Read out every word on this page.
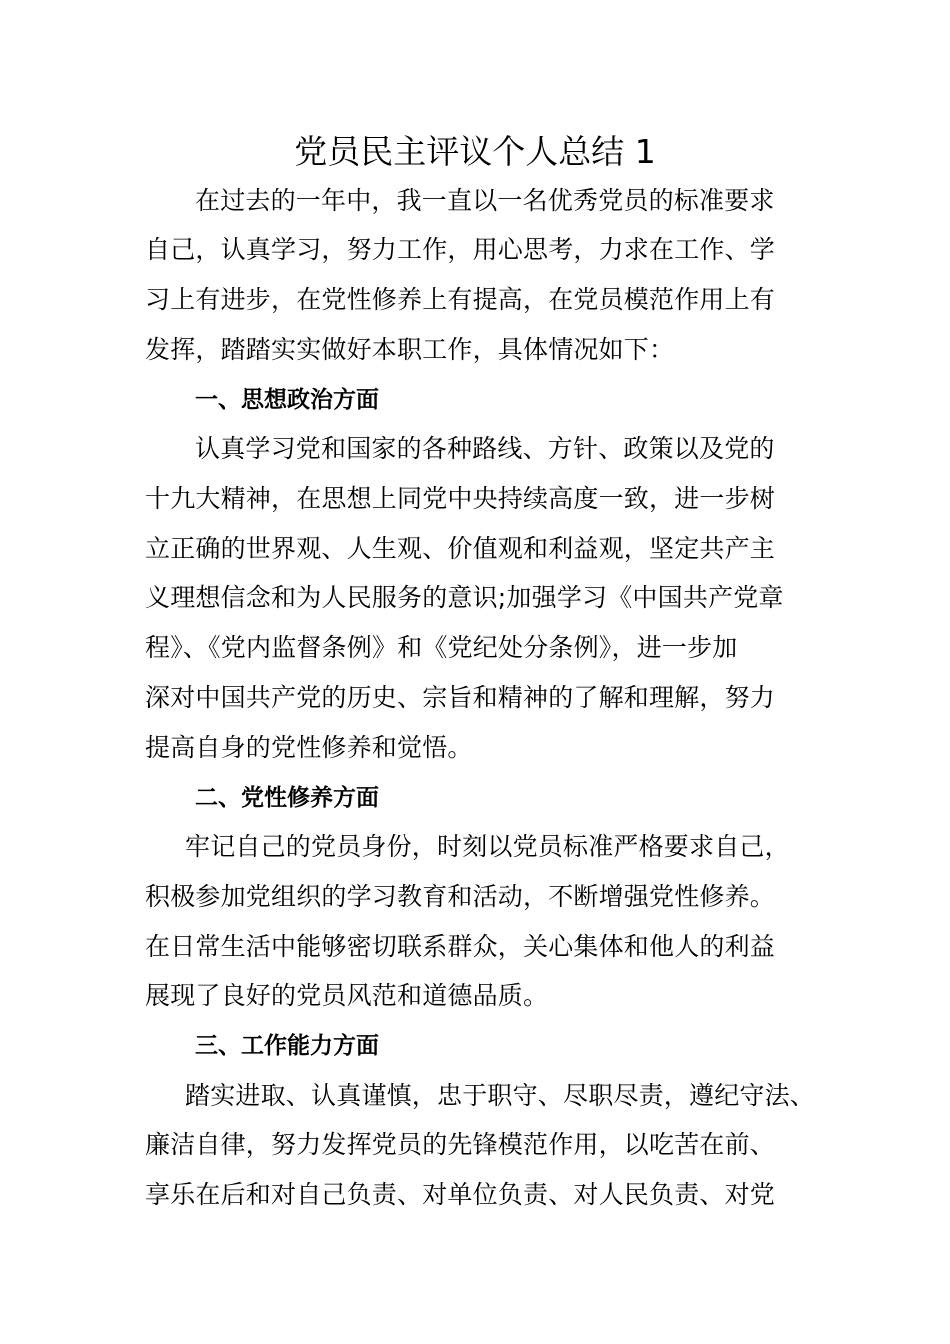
党员民主评议个人总结 1
在过去的一年中，我一直以一名优秀党员的标准要求
自己，认真学习，努力工作，用心思考，力求在工作、学
习上有进步，在党性修养上有提高，在党员模范作用上有
发挥，踏踏实实做好本职工作，具体情况如下：
一、思想政治方面
认真学习党和国家的各种路线、方针、政策以及党的
十九大精神，在思想上同党中央持续高度一致，进一步树
立正确的世界观、人生观、价值观和利益观，坚定共产主
义理想信念和为人民服务的意识;加强学习《中国共产党章
程》、《党内监督条例》和《党纪处分条例》，进一步加
深对中国共产党的历史、宗旨和精神的了解和理解，努力
提高自身的党性修养和觉悟。
二、党性修养方面
牢记自己的党员身份，时刻以党员标准严格要求自己，
积极参加党组织的学习教育和活动，不断增强党性修养。
在日常生活中能够密切联系群众，关心集体和他人的利益
展现了良好的党员风范和道德品质。
三、工作能力方面
踏实进取、认真谨慎，忠于职守、尽职尽责，遵纪守法、
廉洁自律，努力发挥党员的先锋模范作用，以吃苦在前、
享乐在后和对自己负责、对单位负责、对人民负责、对党
